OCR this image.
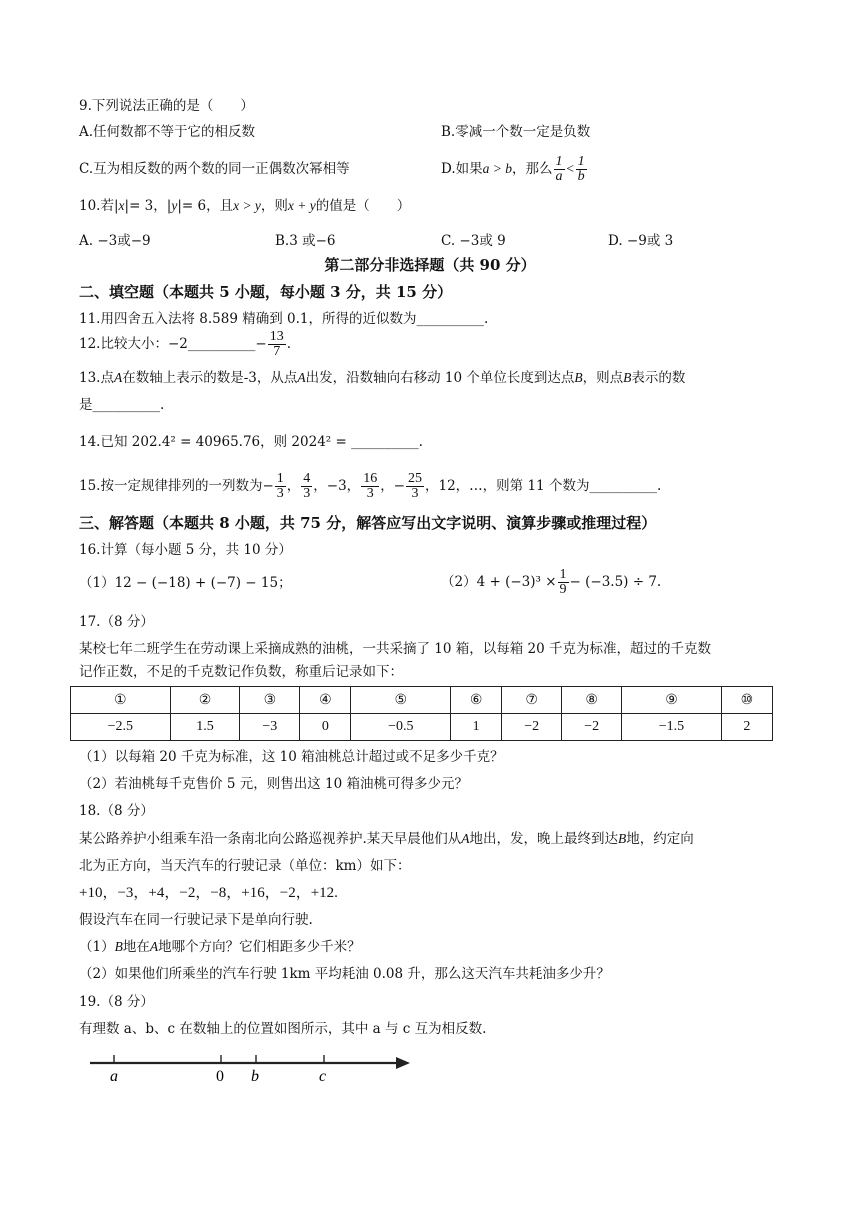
9.下列说法正确的是（　　）
A.任何数都不等于它的相反数	B.零减一个数一定是负数
C.互为相反数的两个数的同一正偶数次幂相等	D.如果a > b，那么 $\frac{1}{a} < \frac{1}{b}$
10.若|x|= 3，|y|= 6，且x > y，则x + y的值是（　　）
A. −3或−9	B.3 或−6	C. −3或 9	D. −9或 3
第二部分非选择题（共 90 分）
二、填空题（本题共 5 小题，每小题 3 分，共 15 分）
11.用四舍五入法将 8.589 精确到 0.1，所得的近似数为__________.
12.比较大小：−2__________− $\frac{13}{7}$ .
13.点A在数轴上表示的数是-3，从点A出发，沿数轴向右移动 10 个单位长度到达点B，则点B表示的数
是__________.
14.已知 202.4² = 40965.76，则 2024² = __________.
15.按一定规律排列的一列数为− $\frac{1}{3}$ ， $\frac{4}{3}$ ，−3， $\frac{16}{3}$ ，− $\frac{25}{3}$ ，12，…，则第 11 个数为__________.
三、解答题（本题共 8 小题，共 75 分，解答应写出文字说明、演算步骤或推理过程）
16.计算（每小题 5 分，共 10 分）
（1）12 − (−18) + (−7) − 15；	$(2)4 + (-3)^3 \times \frac{1}{9} - (-3.5) \div 7$.
17.（8 分）
某校七年二班学生在劳动课上采摘成熟的油桃，一共采摘了 10 箱，以每箱 20 千克为标准，超过的千克数
记作正数，不足的千克数记作负数，称重后记录如下：
①	②	③	④	⑤	⑥	⑦	⑧	⑨	⑩
−2.5	1.5	−3	0	−0.5	1	−2	−2	−1.5	2
（1）以每箱 20 千克为标准，这 10 箱油桃总计超过或不足多少千克？
（2）若油桃每千克售价 5 元，则售出这 10 箱油桃可得多少元？
18.（8 分）
某公路养护小组乘车沿一条南北向公路巡视养护.某天早晨他们从A地出，发，晚上最终到达B地，约定向
北为正方向，当天汽车的行驶记录（单位：km）如下：
+10，−3，+4，−2，−8，+16，−2，+12.
假设汽车在同一行驶记录下是单向行驶.
（1）B地在A地哪个方向？它们相距多少千米？
（2）如果他们所乘坐的汽车行驶 1km 平均耗油 0.08 升，那么这天汽车共耗油多少升？
19.（8 分）
有理数 a、b、c 在数轴上的位置如图所示，其中 a 与 c 互为相反数.
a	0 b	c
